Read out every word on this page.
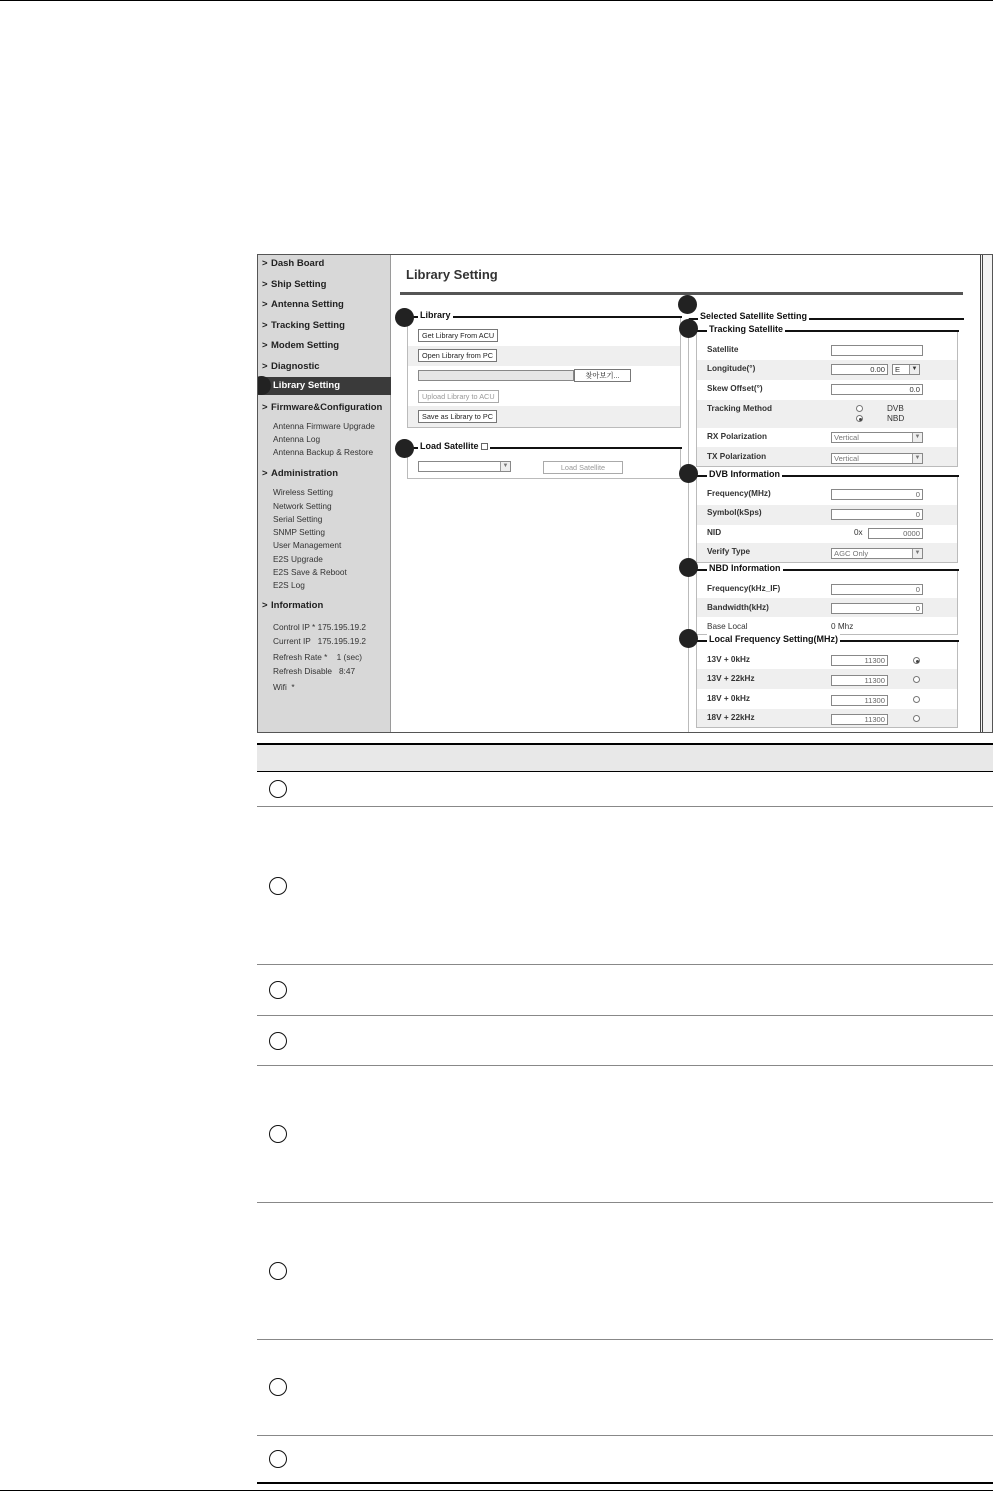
> Dash Board
> Ship Setting
> Antenna Setting
> Tracking Setting
> Modem Setting
> Diagnostic
Library Setting
> Firmware&Configuration
Antenna Firmware Upgrade
Antenna Log
Antenna Backup & Restore
> Administration
Wireless Setting
Network Setting
Serial Setting
SNMP Setting
User Management
E2S Upgrade
E2S Save & Reboot
E2S Log
> Information
Control IP * 175.195.19.2
Current IP   175.195.19.2
Refresh Rate *    1 (sec)
Refresh Disable   8:47
Wifi  *
Library Setting
Library
Get Library From ACU
Open Library from PC
찾아보기...
Upload Library to ACU
Save as Library to PC
Load Satellite
▼	Load Satellite
Selected Satellite Setting
Tracking Satellite
Satellite
Longitude(°)	0.00	E	▼
Skew Offset(°)	0.0
Tracking Method	DVB
NBD
RX Polarization	Vertical	▼
TX Polarization	Vertical	▼
DVB Information
Frequency(MHz)	0
Symbol(kSps)	0
NID	0x	0000
Verify Type	AGC Only	▼
NBD Information
Frequency(kHz_IF)	0
Bandwidth(kHz)	0
Base Local	0 Mhz
Local Frequency Setting(MHz)
13V + 0kHz	11300
13V + 22kHz	11300
18V + 0kHz	11300
18V + 22kHz	11300
